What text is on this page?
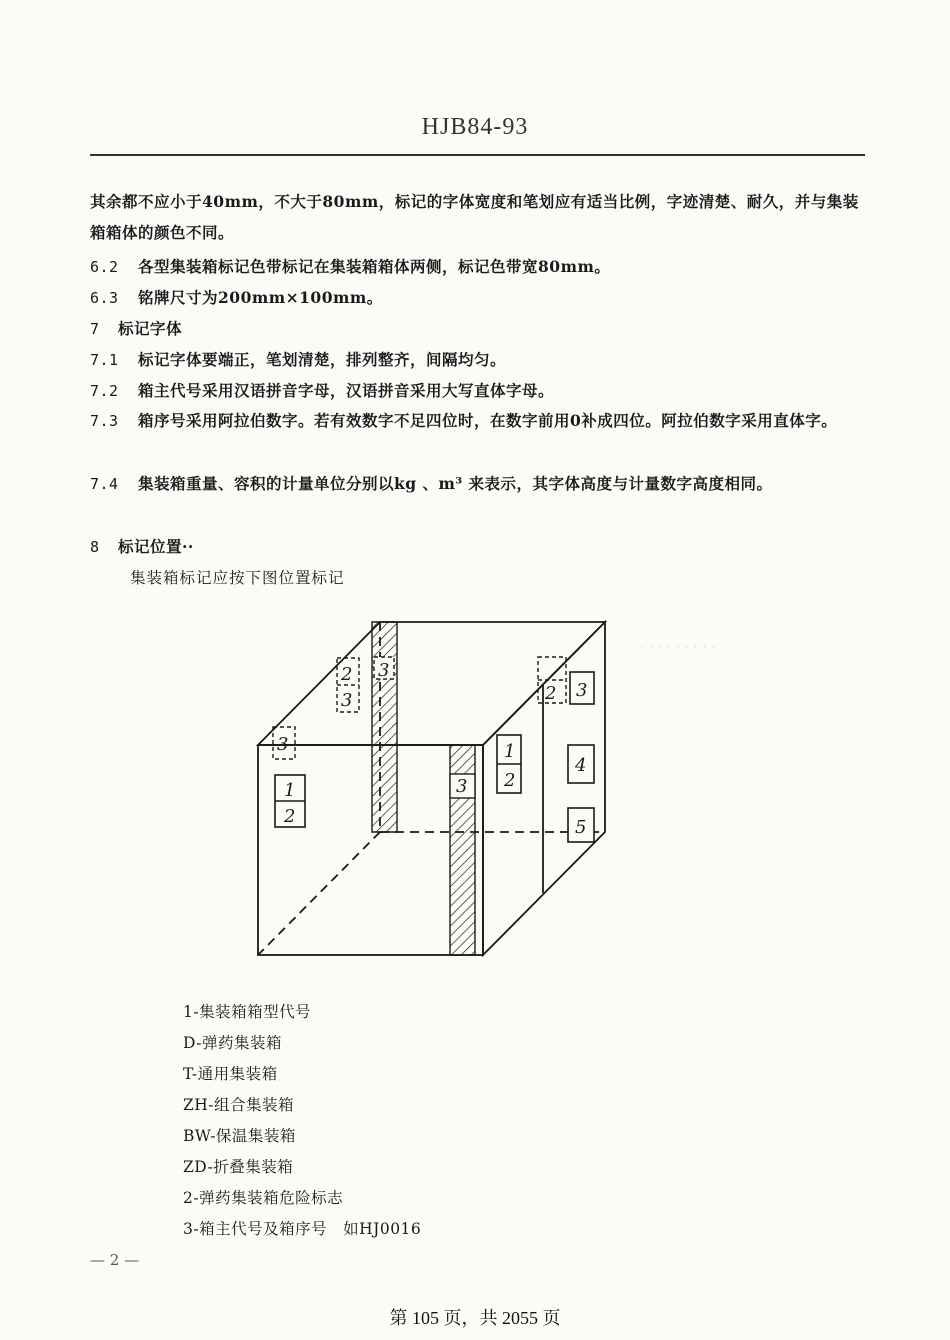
HJB84-93
其余都不应小于40mm，不大于80mm，标记的字体宽度和笔划应有适当比例，字迹清楚、耐久，并与集装箱箱体的颜色不同。
6.2 各型集装箱标记色带标记在集装箱箱体两侧，标记色带宽80mm。
6.3 铭牌尺寸为200mm×100mm。
7 标记字体
7.1 标记字体要端正，笔划清楚，排列整齐，间隔均匀。
7.2 箱主代号采用汉语拼音字母，汉语拼音采用大写直体字母。
7.3 箱序号采用阿拉伯数字。若有效数字不足四位时，在数字前用0补成四位。阿拉伯数字采用直体字。
7.4 集装箱重量、容积的计量单位分别以kg 、m³ 来表示，其字体高度与计量数字高度相同。
8 标记位置··
集装箱标记应按下图位置标记
· · · · · · · · ·
1
2
1
2
3
3
2
3
3
2 3
4
5
1-集装箱箱型代号
D-弹药集装箱
T-通用集装箱
ZH-组合集装箱
BW-保温集装箱
ZD-折叠集装箱
2-弹药集装箱危险标志
3-箱主代号及箱序号　如HJ0016
— 2 —
第 105 页，共 2055 页
